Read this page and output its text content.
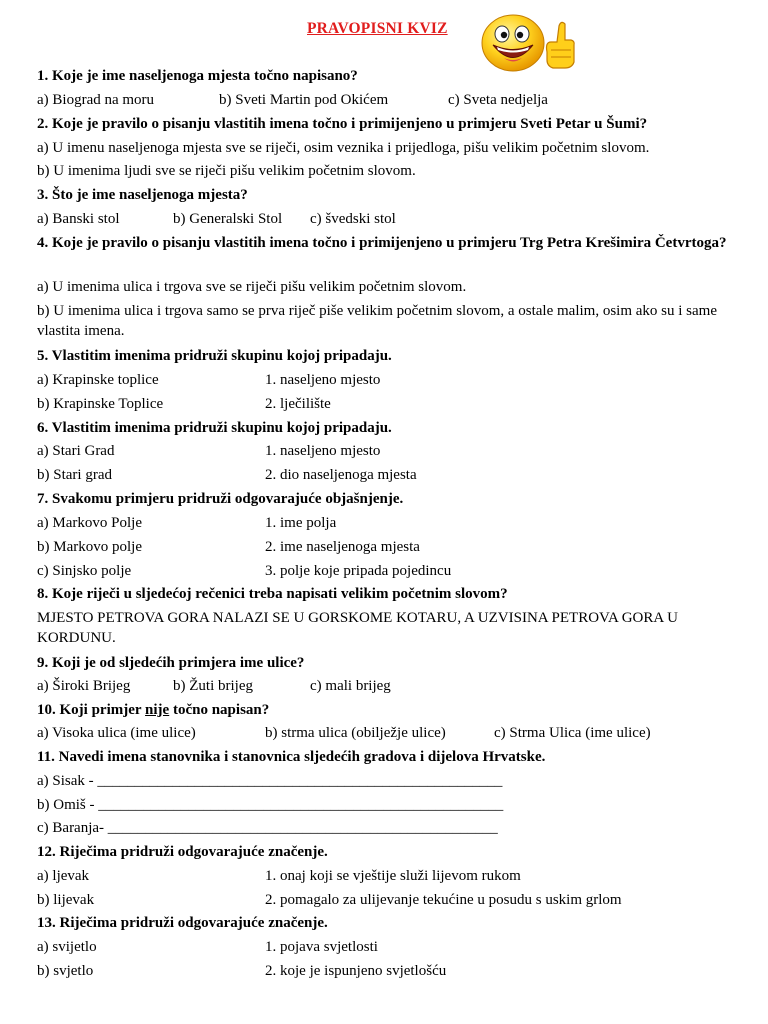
PRAVOPISNI KVIZ
1. Koje je ime naseljenoga mjesta točno napisano?
a) Biograd na moru	b) Sveti Martin pod Okićem	c) Sveta nedjelja
2. Koje je pravilo o pisanju vlastitih imena točno i primijenjeno u primjeru Sveti Petar u Šumi?
a) U imenu naseljenoga mjesta sve se riječi, osim veznika i prijedloga, pišu velikim početnim slovom.
b) U imenima ljudi sve se riječi pišu velikim početnim slovom.
3. Što je ime naseljenoga mjesta?
a) Banski stol	b) Generalski Stol c) švedski stol
4. Koje je pravilo o pisanju vlastitih imena točno i primijenjeno u primjeru Trg Petra Krešimira Četvrtoga?
a) U imenima ulica i trgova sve se riječi pišu velikim početnim slovom.
b) U imenima ulica i trgova samo se prva riječ piše velikim početnim slovom, a ostale malim, osim ako su i same vlastita imena.
5. Vlastitim imenima pridruži skupinu kojoj pripadaju.
a) Krapinske toplice	1. naseljeno mjesto
b) Krapinske Toplice	2. lječilište
6. Vlastitim imenima pridruži skupinu kojoj pripadaju.
a) Stari Grad	1. naseljeno mjesto
b) Stari grad	2. dio naseljenoga mjesta
7. Svakomu primjeru pridruži odgovarajuće objašnjenje.
a) Markovo Polje	1. ime polja
b) Markovo polje	2. ime naseljenoga mjesta
c) Sinjsko polje	3. polje koje pripada pojedincu
8. Koje riječi u sljedećoj rečenici treba napisati velikim početnim slovom?
MJESTO PETROVA GORA NALAZI SE U GORSKOME KOTARU, A UZVISINA PETROVA GORA U KORDUNU.
9. Koji je od sljedećih primjera ime ulice?
a) Široki Brijeg	b) Žuti brijeg	c) mali brijeg
10. Koji primjer nije točno napisan?
a) Visoka ulica (ime ulice)	b) strma ulica (obilježje ulice)	c) Strma Ulica (ime ulice)
11. Navedi imena stanovnika i stanovnica sljedećih gradova i dijelova Hrvatske.
a) Sisak - ______________________________________________________
b) Omiš - ______________________________________________________
c) Baranja- ____________________________________________________
12. Riječima pridruži odgovarajuće značenje.
a) ljevak	1. onaj koji se vještije služi lijevom rukom
b) lijevak	2. pomagalo za ulijevanje tekućine u posudu s uskim grlom
13. Riječima pridruži odgovarajuće značenje.
a) svijetlo	1. pojava svjetlosti
b) svjetlo	2. koje je ispunjeno svjetlošću
